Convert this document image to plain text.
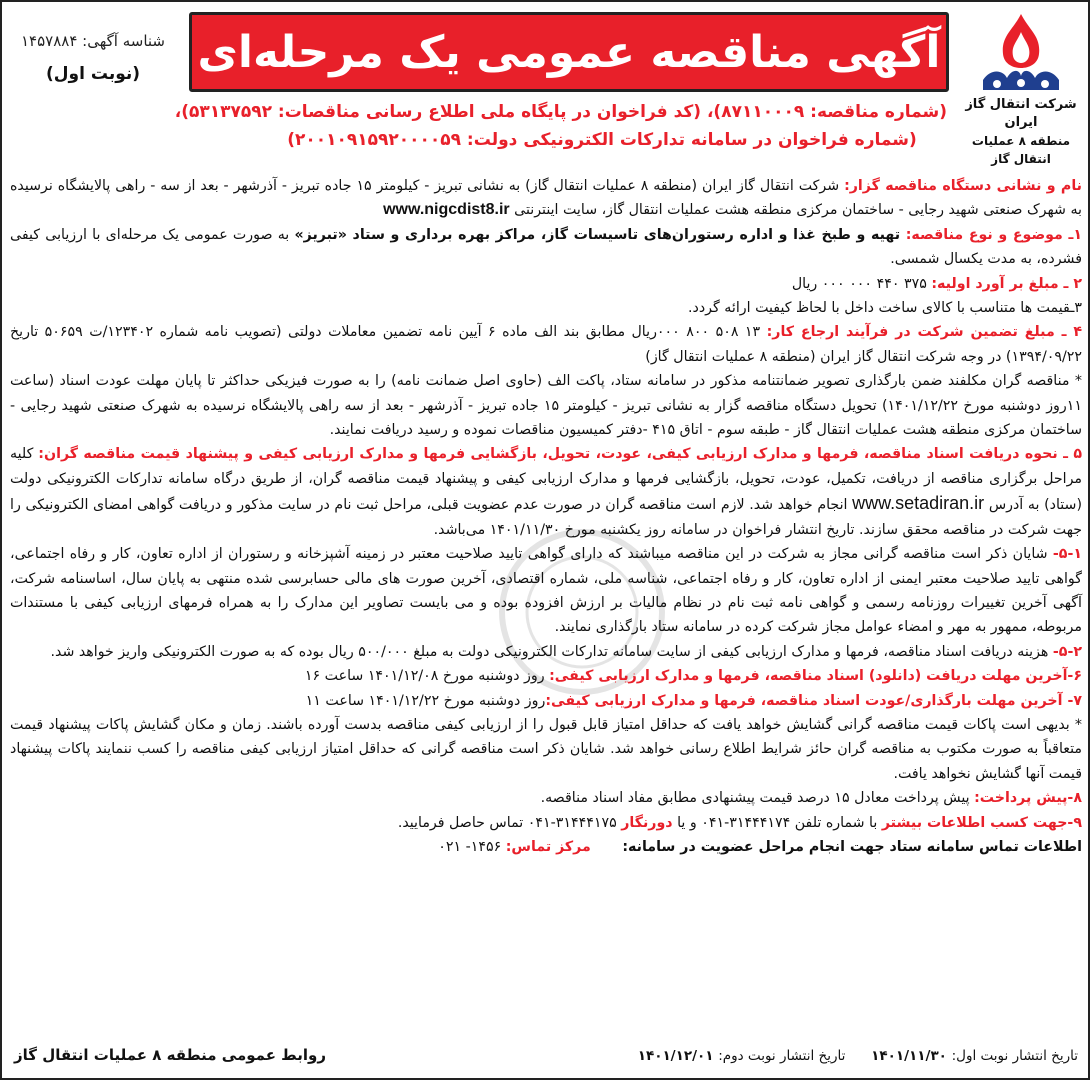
شرکت انتقال گاز ایران
منطقه ۸ عملیات انتقال گاز
آگهی مناقصه عمومی یک مرحله‌ای
شناسه آگهی: ۱۴۵۷۸۸۴
(نوبت اول)
(شماره مناقصه: ۸۷۱۱۰۰۰۹)، (کد فراخوان در پایگاه ملی اطلاع رسانی مناقصات: ۵۳۱۳۷۵۹۲)،
(شماره فراخوان در سامانه تدارکات الکترونیکی دولت: ۲۰۰۱۰۹۱۵۹۲۰۰۰۰۵۹)

نام و نشانی دستگاه مناقصه گزار: شرکت انتقال گاز ایران (منطقه ۸ عملیات انتقال گاز) به نشانی تبریز - کیلومتر ۱۵ جاده تبریز - آذرشهر - بعد از سه - راهی پالایشگاه نرسیده به شهرک صنعتی شهید رجایی - ساختمان مرکزی منطقه هشت عملیات انتقال گاز، سایت اینترنتی www.nigcdist8.ir

۱ـ موضوع و نوع مناقصه: تهیه و طبخ غذا و اداره رستوران‌های تاسیسات گاز، مراکز بهره برداری و ستاد «تبریز» به صورت عمومی یک مرحله‌ای با ارزیابی کیفی فشرده، به مدت یکسال شمسی.

۲ ـ مبلغ بر آورد اولیه: ۳۷۵ ۴۴۰ ۰۰۰ ۰۰۰ ریال

۳ـقیمت ها متناسب با کالای ساخت داخل با لحاظ کیفیت ارائه گردد.

۴ ـ مبلغ تضمین شرکت در فرآیند ارجاع کار: ۱۳ ۵۰۸ ۸۰۰ ۰۰۰ریال مطابق بند الف ماده ۶ آیین نامه تضمین معاملات دولتی (تصویب نامه شماره ۱۲۳۴۰۲/ت ۵۰۶۵۹ تاریخ ۱۳۹۴/۰۹/۲۲) در وجه شرکت انتقال گاز ایران (منطقه ۸ عملیات انتقال گاز)

* مناقصه گران مکلفند ضمن بارگذاری تصویر ضمانتنامه مذکور در سامانه ستاد، پاکت الف (حاوی اصل ضمانت نامه) را به صورت فیزیکی حداکثر تا پایان مهلت عودت اسناد (ساعت ۱۱روز دوشنبه مورخ ۱۴۰۱/۱۲/۲۲) تحویل دستگاه مناقصه گزار به نشانی تبریز - کیلومتر ۱۵ جاده تبریز - آذرشهر - بعد از سه راهی پالایشگاه نرسیده به شهرک صنعتی شهید رجایی - ساختمان مرکزی منطقه هشت عملیات انتقال گاز - طبقه سوم - اتاق ۴۱۵ -دفتر کمیسیون مناقصات نموده و رسید دریافت نمایند.

۵ ـ نحوه دریافت اسناد مناقصه، فرمها و مدارک ارزیابی کیفی، عودت، تحویل، بازگشایی فرمها و مدارک ارزیابی کیفی و پیشنهاد قیمت مناقصه گران: کلیه مراحل برگزاری مناقصه از دریافت، تکمیل، عودت، تحویل، بازگشایی فرمها و مدارک ارزیابی کیفی و پیشنهاد قیمت مناقصه گران، از طریق درگاه سامانه تدارکات الکترونیکی دولت (ستاد) به آدرس www.setadiran.ir انجام خواهد شد. لازم است مناقصه گران در صورت عدم عضویت قبلی، مراحل ثبت نام در سایت مذکور و دریافت گواهی امضای الکترونیکی را جهت شرکت در مناقصه محقق سازند. تاریخ انتشار فراخوان در سامانه روز یکشنبه مورخ ۱۴۰۱/۱۱/۳۰ می‌باشد.

۵-۱- شایان ذکر است مناقصه گرانی مجاز به شرکت در این مناقصه میباشند که دارای گواهی تایید صلاحیت معتبر در زمینه آشپزخانه و رستوران از اداره تعاون، کار و رفاه اجتماعی، گواهی تایید صلاحیت معتبر ایمنی از اداره تعاون، کار و رفاه اجتماعی، شناسه ملی، شماره اقتصادی، آخرین صورت های مالی حسابرسی شده منتهی به پایان سال، اساسنامه شرکت، آگهی آخرین تغییرات روزنامه رسمی و گواهی نامه ثبت نام در نظام مالیات بر ارزش افزوده بوده و می بایست تصاویر این مدارک را به همراه فرمهای ارزیابی کیفی با مستندات مربوطه، ممهور به مهر و امضاء عوامل مجاز شرکت کرده در سامانه ستاد بارگذاری نمایند.

۵-۲- هزینه دریافت اسناد مناقصه، فرمها و مدارک ارزیابی کیفی از سایت سامانه تدارکات الکترونیکی دولت به مبلغ ۵۰۰/۰۰۰ ریال بوده که به صورت الکترونیکی واریز خواهد شد.

۶-آخرین مهلت دریافت (دانلود) اسناد مناقصه، فرمها و مدارک ارزیابی کیفی: روز دوشنبه مورخ ۱۴۰۱/۱۲/۰۸ ساعت ۱۶

۷- آخرین مهلت بارگذاری/عودت اسناد مناقصه، فرمها و مدارک ارزیابی کیفی:روز دوشنبه مورخ ۱۴۰۱/۱۲/۲۲ ساعت ۱۱

* بدیهی است پاکات قیمت مناقصه گرانی گشایش خواهد یافت که حداقل امتیاز قابل قبول را از ارزیابی کیفی مناقصه بدست آورده باشند. زمان و مکان گشایش پاکات پیشنهاد قیمت متعاقباً به صورت مکتوب به مناقصه گران حائز شرایط اطلاع رسانی خواهد شد. شایان ذکر است مناقصه گرانی که حداقل امتیاز ارزیابی کیفی مناقصه را کسب ننمایند پاکات پیشنهاد قیمت آنها گشایش نخواهد یافت.

۸-پیش پرداخت: پیش پرداخت معادل ۱۵ درصد قیمت پیشنهادی مطابق مفاد اسناد مناقصه.

۹-جهت کسب اطلاعات بیشتر با شماره تلفن ۳۱۴۴۴۱۷۴-۰۴۱ و یا دورنگار ۳۱۴۴۴۱۷۵-۰۴۱ تماس حاصل فرمایید.

اطلاعات تماس سامانه ستاد جهت انجام مراحل عضویت در سامانه:       مرکز تماس: ۱۴۵۶- ۰۲۱

تاریخ انتشار نوبت اول: ۱۴۰۱/۱۱/۳۰      تاریخ انتشار نوبت دوم: ۱۴۰۱/۱۲/۰۱
روابط عمومی منطقه ۸ عملیات انتقال گاز
